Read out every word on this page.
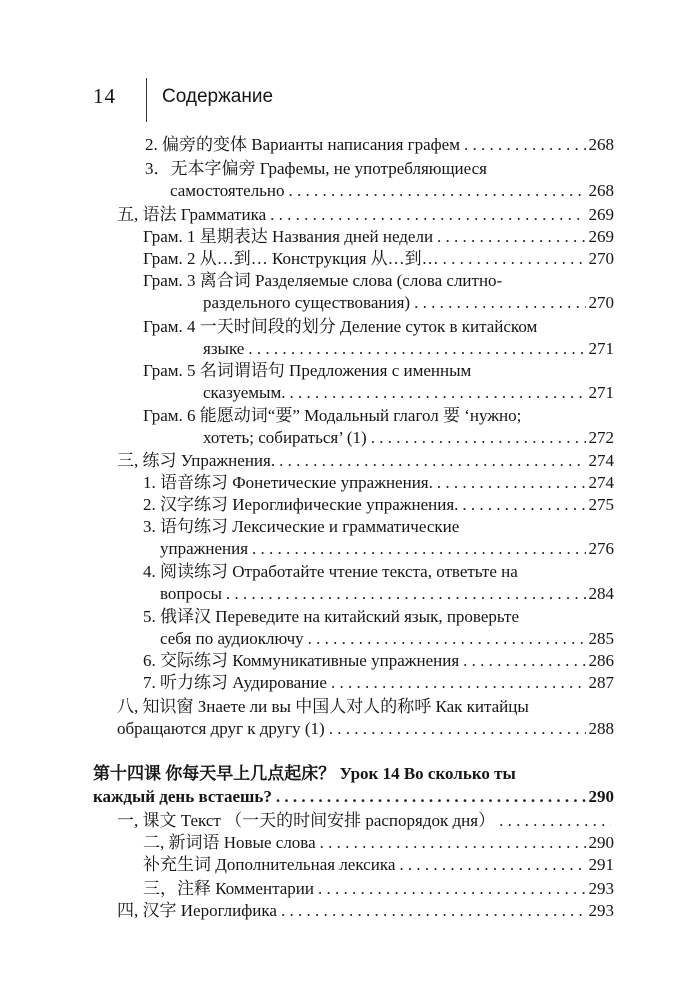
14 Содержание
2. 偏旁的变体 Варианты написания графем . . .	268
3．无本字偏旁 Графемы, не употребляющиеся
самостоятельно . . .	268
五, 语法 Грамматика . . .	269
Грам. 1 星期表达 Названия дней недели . . .	269
Грам. 2 从…到… Конструкция 从…到… . . .	270
Грам. 3 离合词 Разделяемые слова (слова слитно-
раздельного существования) . . .	270
Грам. 4 一天时间段的划分 Деление суток в китайском
языке . . .	271
Грам. 5 名词谓语句 Предложения с именным
сказуемым. . . .	271
Грам. 6 能愿动词“要” Модальный глагол 要 ‘нужно;
хотеть; собираться’ (1) . . .	272
三, 练习 Упражнения. . . .	274
1. 语音练习 Фонетические упражнения. . . .	274
2. 汉字练习 Иероглифические упражнения. . . .	275
3. 语句练习 Лексические и грамматические
упражнения . . .	276
4. 阅读练习 Отработайте чтение текста, ответьте на
вопросы . . .	284
5. 俄译汉 Переведите на китайский язык, проверьте
себя по аудиоключу . . .	285
6. 交际练习 Коммуникативные упражнения . . .	286
7. 听力练习 Аудирование . . .	287
八, 知识窗 Знаете ли вы 中国人对人的称呼 Как китайцы
обращаются друг к другу (1) . . .	288
第十四课 你每天早上几点起床？ Урок 14 Во сколько ты
каждый день встаешь? . . .	290
一, 课文 Текст （一天的时间安排 распорядок дня）
. . .
二, 新词语 Новые слова . . .	290
补充生词 Дополнительная лексика . . .	291
三，注释 Комментарии . . .	293
四, 汉字 Иероглифика . . .	293
